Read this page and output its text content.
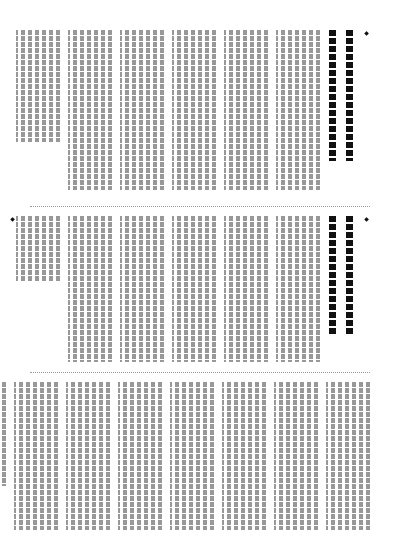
◆
◆
◆
